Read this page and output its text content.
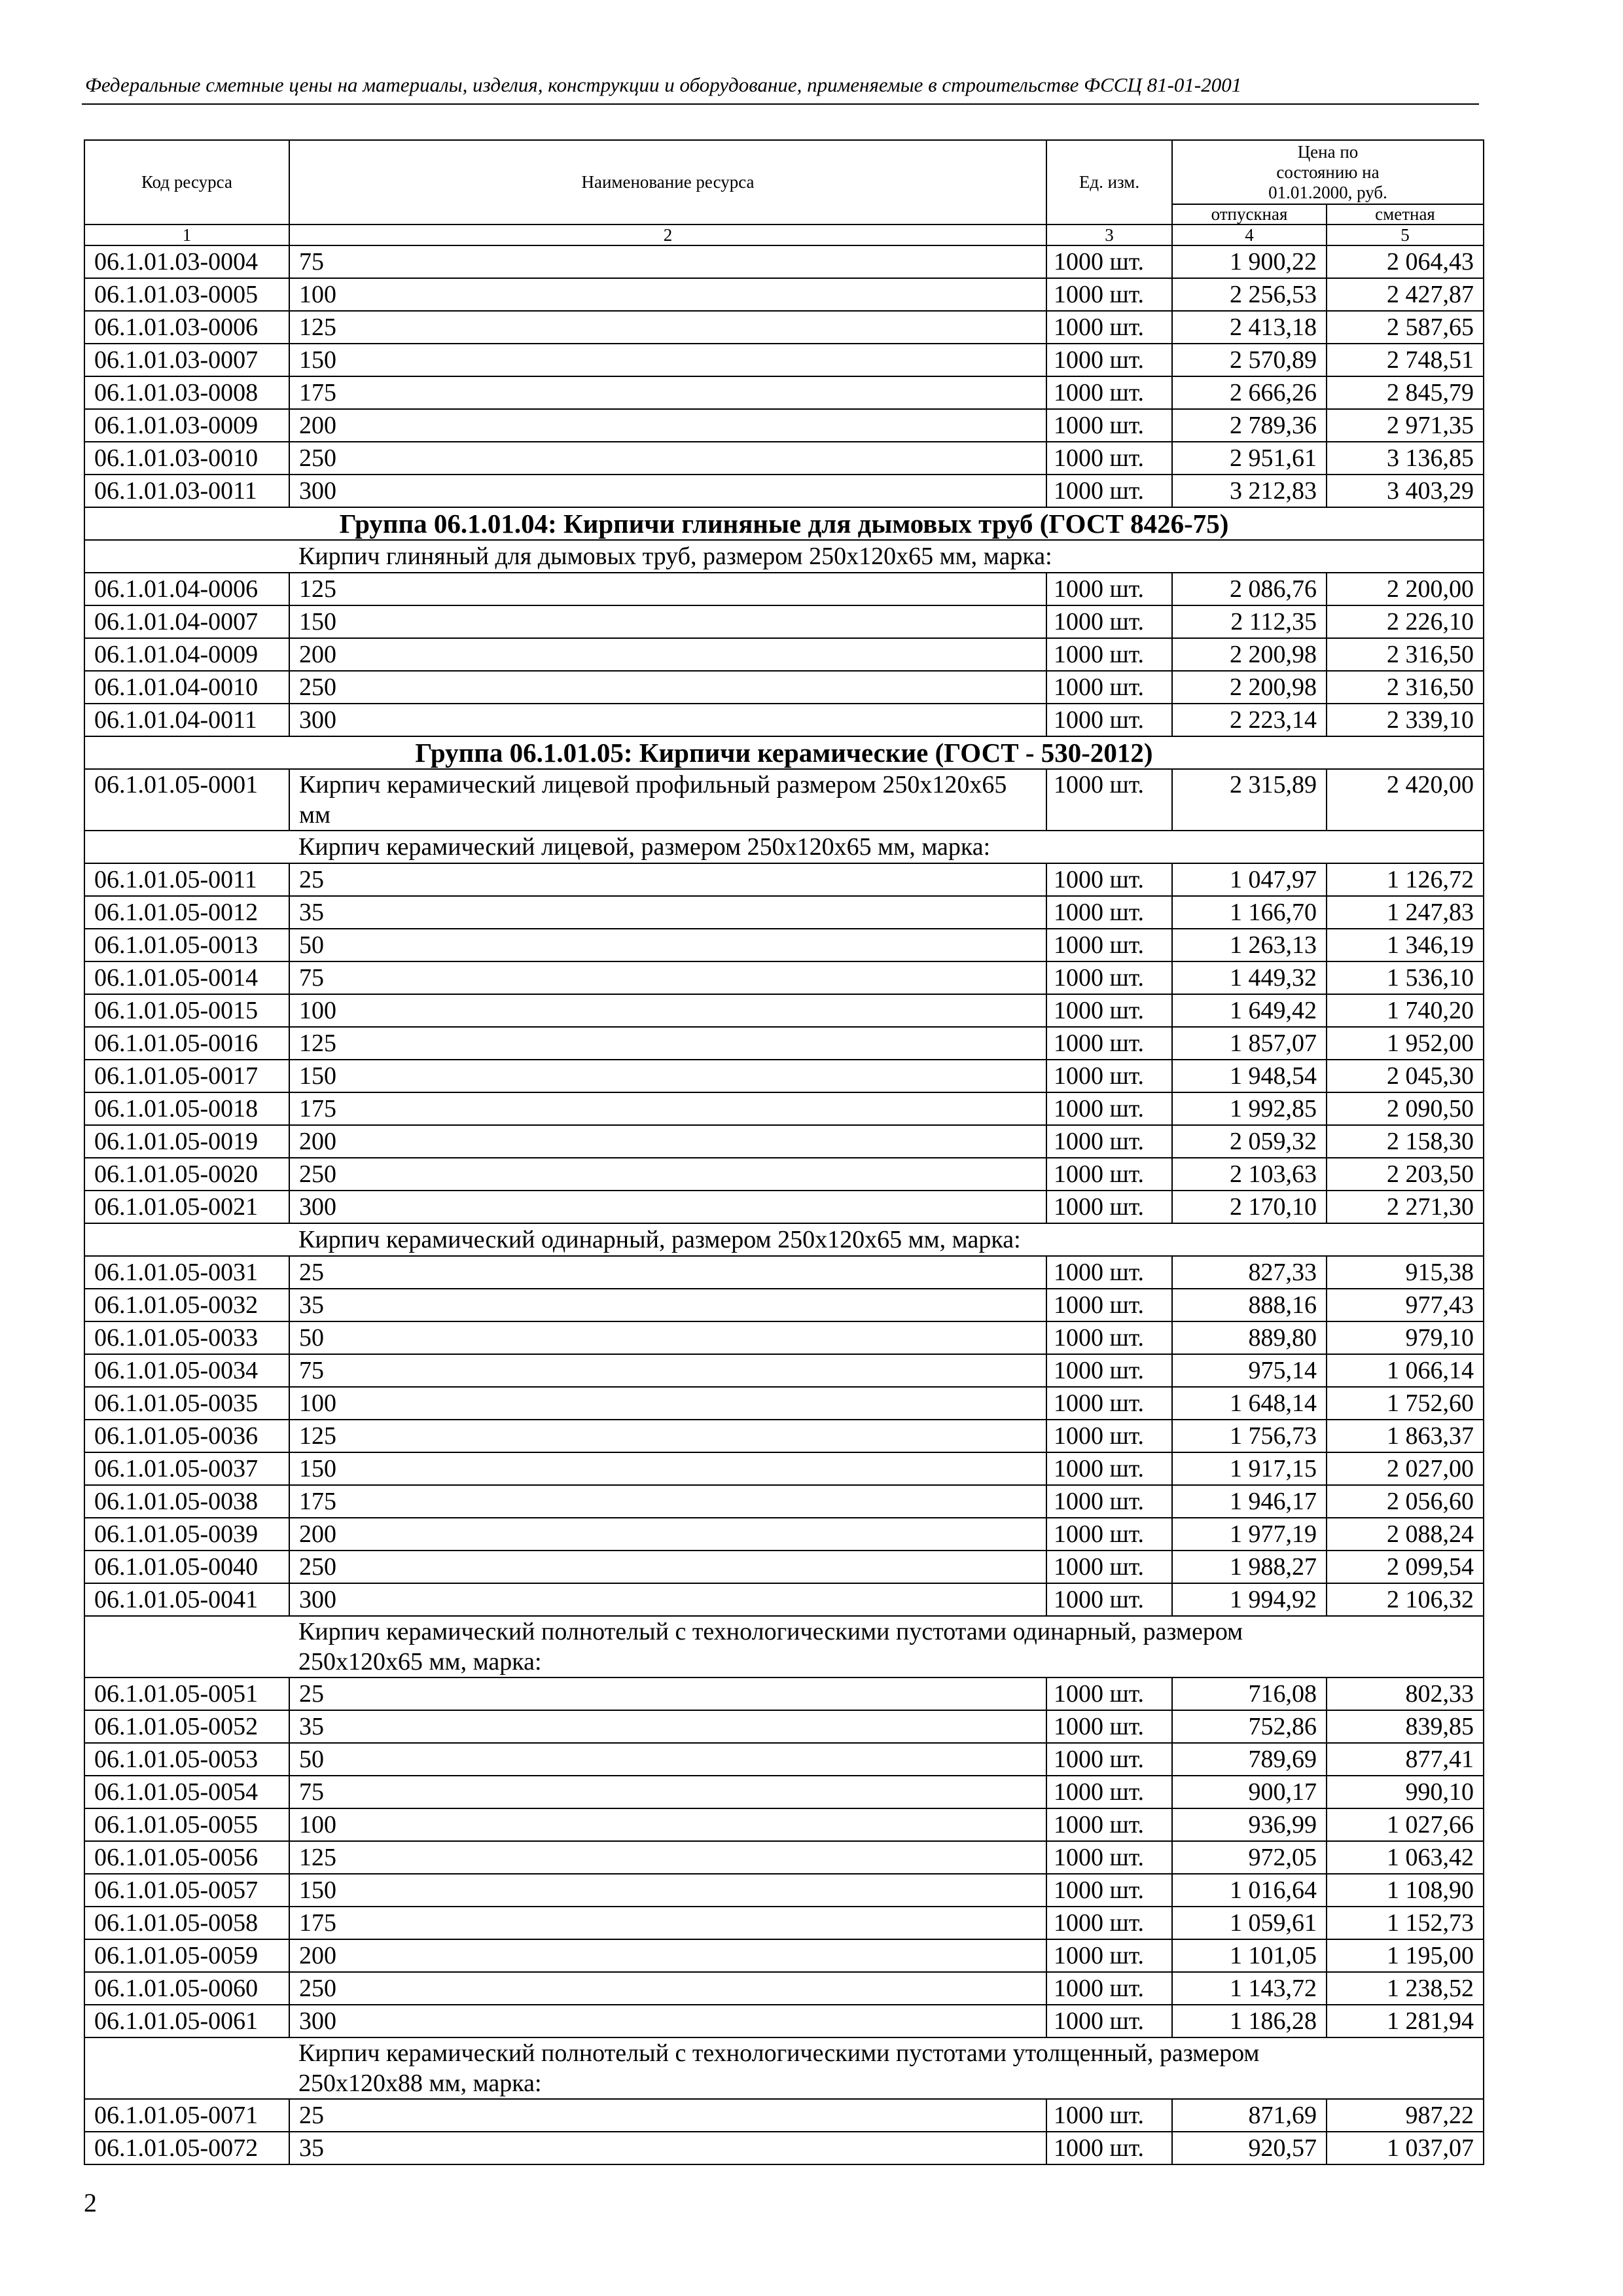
Федеральные сметные цены на материалы, изделия, конструкции и оборудование, применяемые в строительстве ФССЦ 81-01-2001
Код ресурса	Наименование ресурса	Ед. изм.	Цена по состоянию на 01.01.2000, руб.	
			отпускная	сметная
1	2	3	4	5
06.1.01.03-0004	75	1000 шт.	1 900,22	2 064,43
06.1.01.03-0005	100	1000 шт.	2 256,53	2 427,87
06.1.01.03-0006	125	1000 шт.	2 413,18	2 587,65
06.1.01.03-0007	150	1000 шт.	2 570,89	2 748,51
06.1.01.03-0008	175	1000 шт.	2 666,26	2 845,79
06.1.01.03-0009	200	1000 шт.	2 789,36	2 971,35
06.1.01.03-0010	250	1000 шт.	2 951,61	3 136,85
06.1.01.03-0011	300	1000 шт.	3 212,83	3 403,29
Группа 06.1.01.04: Кирпичи глиняные для дымовых труб (ГОСТ 8426-75)				
	Кирпич глиняный для дымовых труб, размером 250х120х65 мм, марка:			
06.1.01.04-0006	125	1000 шт.	2 086,76	2 200,00
06.1.01.04-0007	150	1000 шт.	2 112,35	2 226,10
06.1.01.04-0009	200	1000 шт.	2 200,98	2 316,50
06.1.01.04-0010	250	1000 шт.	2 200,98	2 316,50
06.1.01.04-0011	300	1000 шт.	2 223,14	2 339,10
Группа 06.1.01.05: Кирпичи керамические (ГОСТ - 530-2012)				
06.1.01.05-0001	Кирпич керамический лицевой профильный размером 250х120х65 мм	1000 шт.	2 315,89	2 420,00
	Кирпич керамический лицевой, размером 250х120х65 мм, марка:			
06.1.01.05-0011	25	1000 шт.	1 047,97	1 126,72
06.1.01.05-0012	35	1000 шт.	1 166,70	1 247,83
06.1.01.05-0013	50	1000 шт.	1 263,13	1 346,19
06.1.01.05-0014	75	1000 шт.	1 449,32	1 536,10
06.1.01.05-0015	100	1000 шт.	1 649,42	1 740,20
06.1.01.05-0016	125	1000 шт.	1 857,07	1 952,00
06.1.01.05-0017	150	1000 шт.	1 948,54	2 045,30
06.1.01.05-0018	175	1000 шт.	1 992,85	2 090,50
06.1.01.05-0019	200	1000 шт.	2 059,32	2 158,30
06.1.01.05-0020	250	1000 шт.	2 103,63	2 203,50
06.1.01.05-0021	300	1000 шт.	2 170,10	2 271,30
	Кирпич керамический одинарный, размером 250х120х65 мм, марка:			
06.1.01.05-0031	25	1000 шт.	827,33	915,38
06.1.01.05-0032	35	1000 шт.	888,16	977,43
06.1.01.05-0033	50	1000 шт.	889,80	979,10
06.1.01.05-0034	75	1000 шт.	975,14	1 066,14
06.1.01.05-0035	100	1000 шт.	1 648,14	1 752,60
06.1.01.05-0036	125	1000 шт.	1 756,73	1 863,37
06.1.01.05-0037	150	1000 шт.	1 917,15	2 027,00
06.1.01.05-0038	175	1000 шт.	1 946,17	2 056,60
06.1.01.05-0039	200	1000 шт.	1 977,19	2 088,24
06.1.01.05-0040	250	1000 шт.	1 988,27	2 099,54
06.1.01.05-0041	300	1000 шт.	1 994,92	2 106,32
	Кирпич керамический полнотелый с технологическими пустотами одинарный, размером 250х120х65 мм, марка:			
06.1.01.05-0051	25	1000 шт.	716,08	802,33
06.1.01.05-0052	35	1000 шт.	752,86	839,85
06.1.01.05-0053	50	1000 шт.	789,69	877,41
06.1.01.05-0054	75	1000 шт.	900,17	990,10
06.1.01.05-0055	100	1000 шт.	936,99	1 027,66
06.1.01.05-0056	125	1000 шт.	972,05	1 063,42
06.1.01.05-0057	150	1000 шт.	1 016,64	1 108,90
06.1.01.05-0058	175	1000 шт.	1 059,61	1 152,73
06.1.01.05-0059	200	1000 шт.	1 101,05	1 195,00
06.1.01.05-0060	250	1000 шт.	1 143,72	1 238,52
06.1.01.05-0061	300	1000 шт.	1 186,28	1 281,94
	Кирпич керамический полнотелый с технологическими пустотами утолщенный, размером 250х120х88 мм, марка:			
06.1.01.05-0071	25	1000 шт.	871,69	987,22
06.1.01.05-0072	35	1000 шт.	920,57	1 037,07
2
